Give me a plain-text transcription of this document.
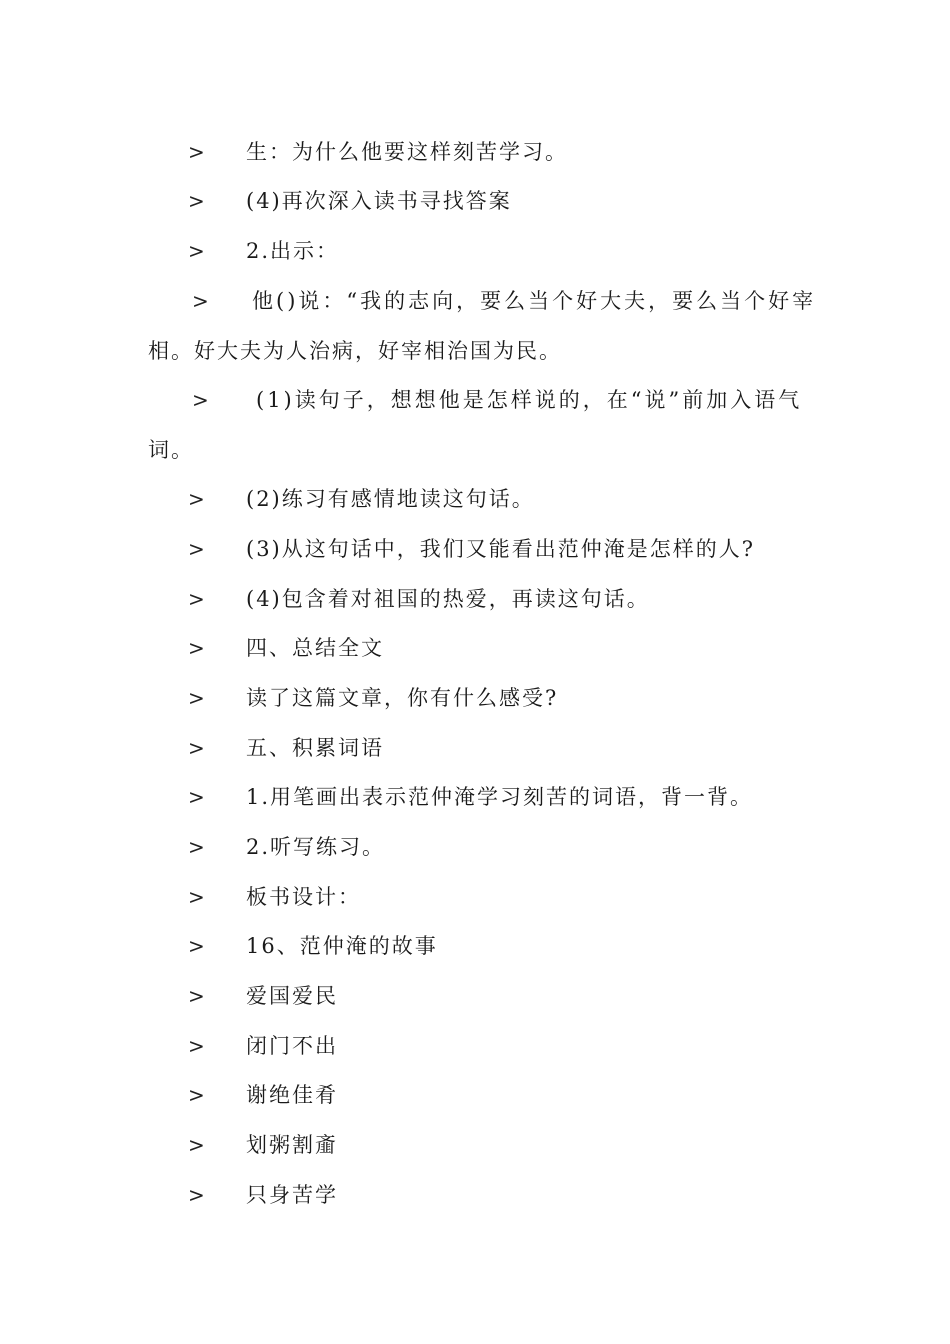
> 生：为什么他要这样刻苦学习。
> (4)再次深入读书寻找答案
> 2.出示：
> 他()说：“我的志向，要么当个好大夫，要么当个好宰
相。好大夫为人治病，好宰相治国为民。
> (1)读句子，想想他是怎样说的，在“说”前加入语气
词。
> (2)练习有感情地读这句话。
> (3)从这句话中，我们又能看出范仲淹是怎样的人?
> (4)包含着对祖国的热爱，再读这句话。
> 四、总结全文
> 读了这篇文章，你有什么感受?
> 五、积累词语
> 1.用笔画出表示范仲淹学习刻苦的词语，背一背。
> 2.听写练习。
> 板书设计：
> 16、范仲淹的故事
> 爱国爱民
> 闭门不出
> 谢绝佳肴
> 划粥割齑
> 只身苦学
